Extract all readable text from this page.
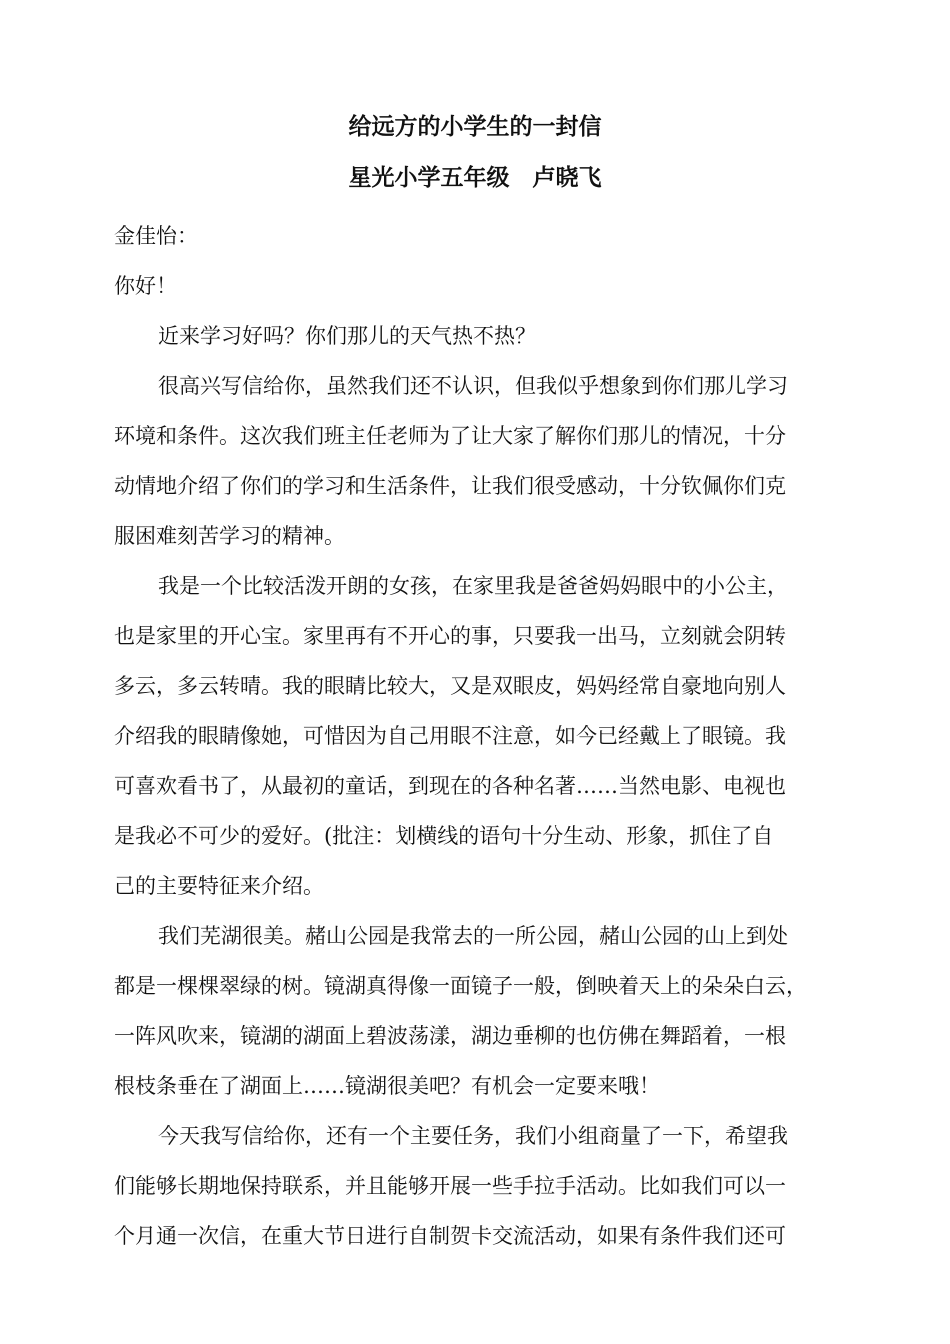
给远方的小学生的一封信
星光小学五年级　卢晓飞
金佳怡：
你好！
近来学习好吗？你们那儿的天气热不热？
很高兴写信给你，虽然我们还不认识，但我似乎想象到你们那儿学习
环境和条件。这次我们班主任老师为了让大家了解你们那儿的情况，十分
动情地介绍了你们的学习和生活条件，让我们很受感动，十分钦佩你们克
服困难刻苦学习的精神。
我是一个比较活泼开朗的女孩，在家里我是爸爸妈妈眼中的小公主，
也是家里的开心宝。家里再有不开心的事，只要我一出马，立刻就会阴转
多云，多云转晴。我的眼睛比较大，又是双眼皮，妈妈经常自豪地向别人
介绍我的眼睛像她，可惜因为自己用眼不注意，如今已经戴上了眼镜。我
可喜欢看书了，从最初的童话，到现在的各种名著……当然电影、电视也
是我必不可少的爱好。(批注：划横线的语句十分生动、形象，抓住了自
己的主要特征来介绍。
我们芜湖很美。赭山公园是我常去的一所公园，赭山公园的山上到处
都是一棵棵翠绿的树。镜湖真得像一面镜子一般，倒映着天上的朵朵白云，
一阵风吹来，镜湖的湖面上碧波荡漾，湖边垂柳的也仿佛在舞蹈着，一根
根枝条垂在了湖面上……镜湖很美吧？有机会一定要来哦！
今天我写信给你，还有一个主要任务，我们小组商量了一下，希望我
们能够长期地保持联系，并且能够开展一些手拉手活动。比如我们可以一
个月通一次信，在重大节日进行自制贺卡交流活动，如果有条件我们还可
